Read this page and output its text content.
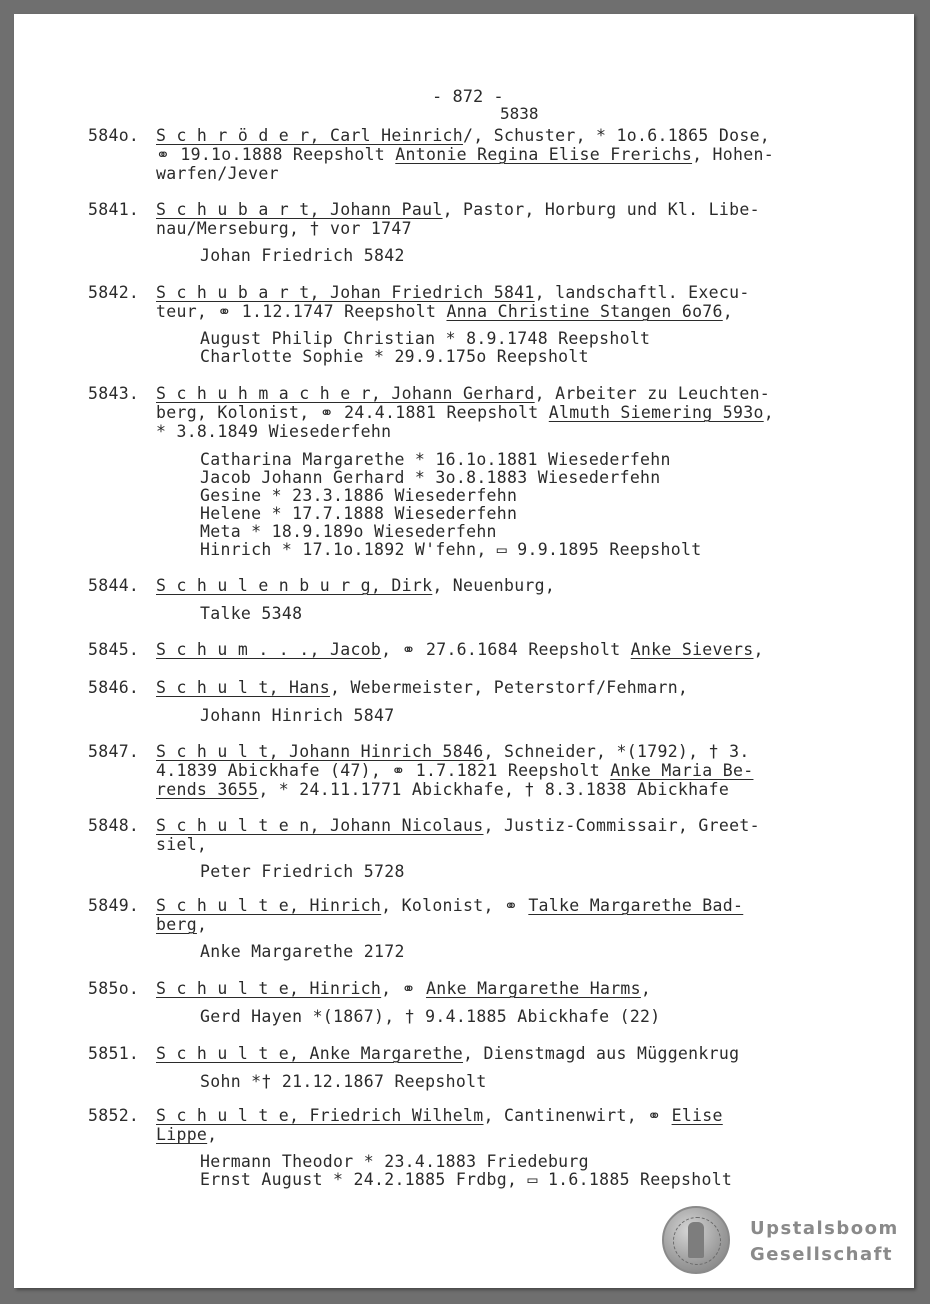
- 872 -
5838
584o. S c h r ö d e r, Carl Heinrich/, Schuster, * 1o.6.1865 Dose,
⚭ 19.1o.1888 Reepsholt Antonie Regina Elise Frerichs, Hohen-
warfen/Jever
5841. S c h u b a r t, Johann Paul, Pastor, Horburg und Kl. Libe-
nau/Merseburg, † vor 1747
Johan Friedrich 5842
5842. S c h u b a r t, Johan Friedrich 5841, landschaftl. Execu-
teur, ⚭ 1.12.1747 Reepsholt Anna Christine Stangen 6o76,
August Philip Christian * 8.9.1748 Reepsholt
Charlotte Sophie * 29.9.175o Reepsholt
5843. S c h u h m a c h e r, Johann Gerhard, Arbeiter zu Leuchten-
berg, Kolonist, ⚭ 24.4.1881 Reepsholt Almuth Siemering 593o,
* 3.8.1849 Wiesederfehn
Catharina Margarethe * 16.1o.1881 Wiesederfehn
Jacob Johann Gerhard * 3o.8.1883 Wiesederfehn
Gesine * 23.3.1886 Wiesederfehn
Helene * 17.7.1888 Wiesederfehn
Meta * 18.9.189o Wiesederfehn
Hinrich * 17.1o.1892 W'fehn, ▭ 9.9.1895 Reepsholt
5844. S c h u l e n b u r g, Dirk, Neuenburg,
Talke 5348
5845. S c h u m . . ., Jacob, ⚭ 27.6.1684 Reepsholt Anke Sievers,
5846. S c h u l t, Hans, Webermeister, Peterstorf/Fehmarn,
Johann Hinrich 5847
5847. S c h u l t, Johann Hinrich 5846, Schneider, *(1792), † 3.
4.1839 Abickhafe (47), ⚭ 1.7.1821 Reepsholt Anke Maria Be-
rends 3655, * 24.11.1771 Abickhafe, † 8.3.1838 Abickhafe
5848. S c h u l t e n, Johann Nicolaus, Justiz-Commissair, Greet-
siel,
Peter Friedrich 5728
5849. S c h u l t e, Hinrich, Kolonist, ⚭ Talke Margarethe Bad-
berg,
Anke Margarethe 2172
585o. S c h u l t e, Hinrich, ⚭ Anke Margarethe Harms,
Gerd Hayen *(1867), † 9.4.1885 Abickhafe (22)
5851. S c h u l t e, Anke Margarethe, Dienstmagd aus Müggenkrug
Sohn *† 21.12.1867 Reepsholt
5852. S c h u l t e, Friedrich Wilhelm, Cantinenwirt, ⚭ Elise
Lippe,
Hermann Theodor * 23.4.1883 Friedeburg
Ernst August * 24.2.1885 Frdbg, ▭ 1.6.1885 Reepsholt
Upstalsboom
Gesellschaft
